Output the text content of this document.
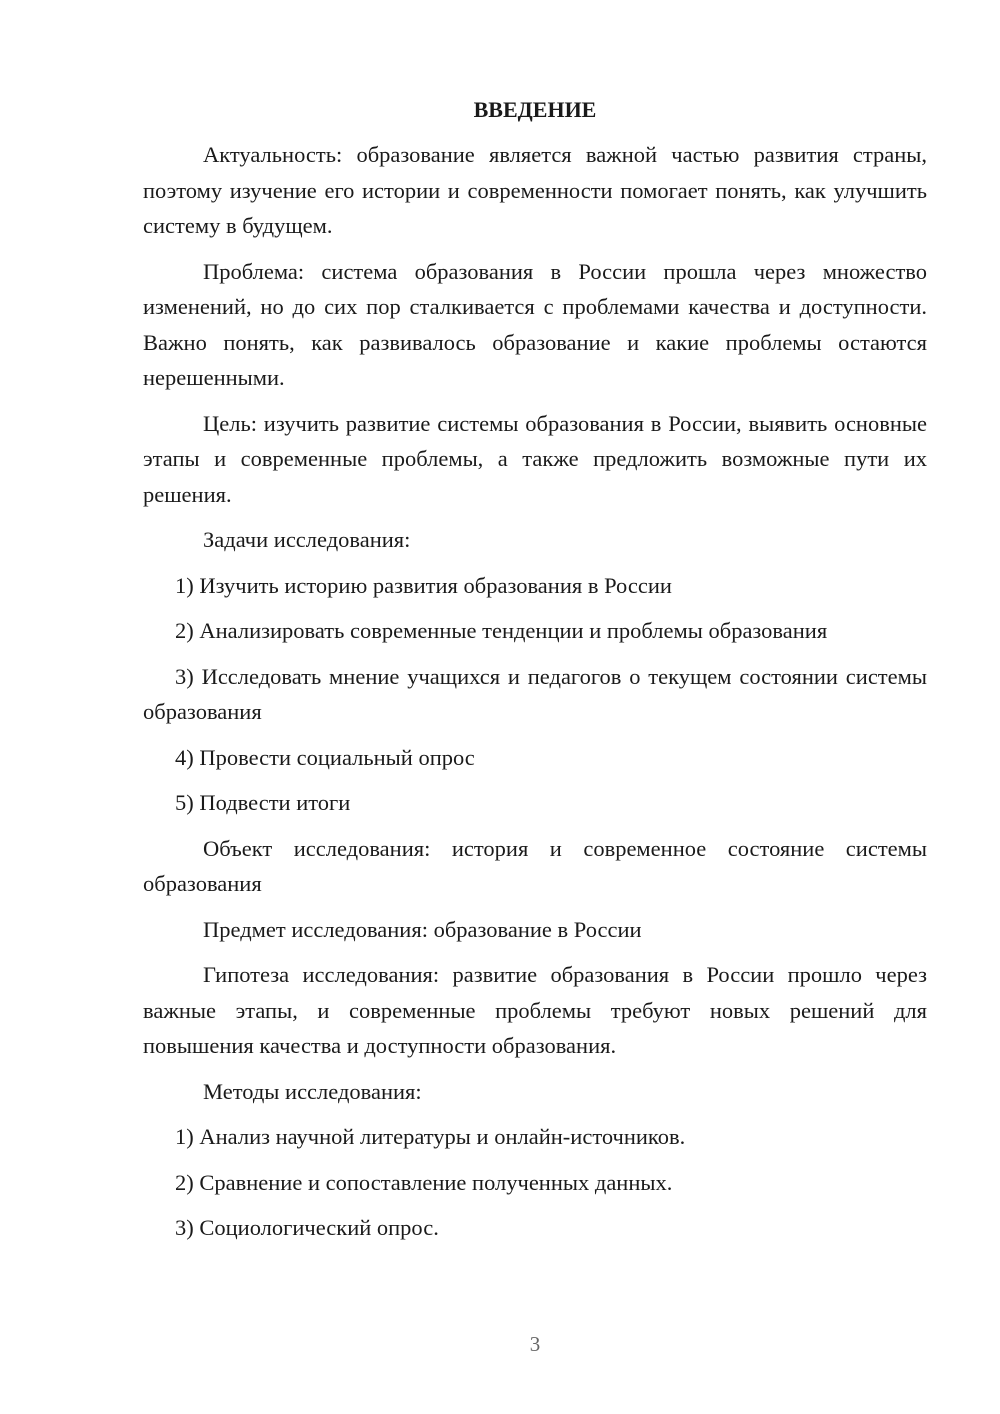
ВВЕДЕНИЕ
Актуальность: образование является важной частью развития страны, поэтому изучение его истории и современности помогает понять, как улучшить систему в будущем.
Проблема: система образования в России прошла через множество изменений, но до сих пор сталкивается с проблемами качества и доступности. Важно понять, как развивалось образование и какие проблемы остаются нерешенными.
Цель: изучить развитие системы образования в России, выявить основные этапы и современные проблемы, а также предложить возможные пути их решения.
Задачи исследования:
1) Изучить историю развития образования в России
2) Анализировать современные тенденции и проблемы образования
3) Исследовать мнение учащихся и педагогов о текущем состоянии системы образования
4) Провести социальный опрос
5) Подвести итоги
Объект исследования: история и современное состояние системы образования
Предмет исследования: образование в России
Гипотеза исследования: развитие образования в России прошло через важные этапы, и современные проблемы требуют новых решений для повышения качества и доступности образования.
Методы исследования:
1) Анализ научной литературы и онлайн-источников.
2) Сравнение и сопоставление полученных данных.
3) Социологический опрос.
3
